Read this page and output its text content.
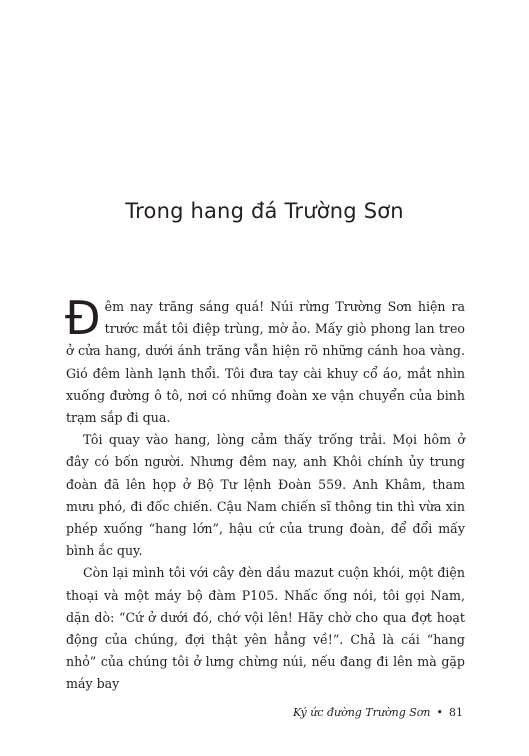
Trong hang đá Trường Sơn

Đêm nay trăng sáng quá! Núi rừng Trường Sơn hiện ra trước mắt tôi điệp trùng, mờ ảo. Mấy giò phong lan treo ở cửa hang, dưới ánh trăng vẫn hiện rõ những cánh hoa vàng. Gió đêm lành lạnh thổi. Tôi đưa tay cài khuy cổ áo, mắt nhìn xuống đường ô tô, nơi có những đoàn xe vận chuyển của binh trạm sắp đi qua.

Tôi quay vào hang, lòng cảm thấy trống trải. Mọi hôm ở đây có bốn người. Nhưng đêm nay, anh Khôi chính ủy trung đoàn đã lên họp ở Bộ Tư lệnh Đoàn 559. Anh Khâm, tham mưu phó, đi đốc chiến. Cậu Nam chiến sĩ thông tin thì vừa xin phép xuống “hang lớn”, hậu cứ của trung đoàn, để đổi mấy bình ắc quy.

Còn lại mình tôi với cây đèn dầu mazut cuộn khói, một điện thoại và một máy bộ đàm P105. Nhấc ống nói, tôi gọi Nam, dặn dò: “Cứ ở dưới đó, chớ vội lên! Hãy chờ cho qua đợt hoạt động của chúng, đợi thật yên hẳng về!”. Chả là cái “hang nhỏ” của chúng tôi ở lưng chừng núi, nếu đang đi lên mà gặp máy bay

Ký ức đường Trường Sơn • 81
